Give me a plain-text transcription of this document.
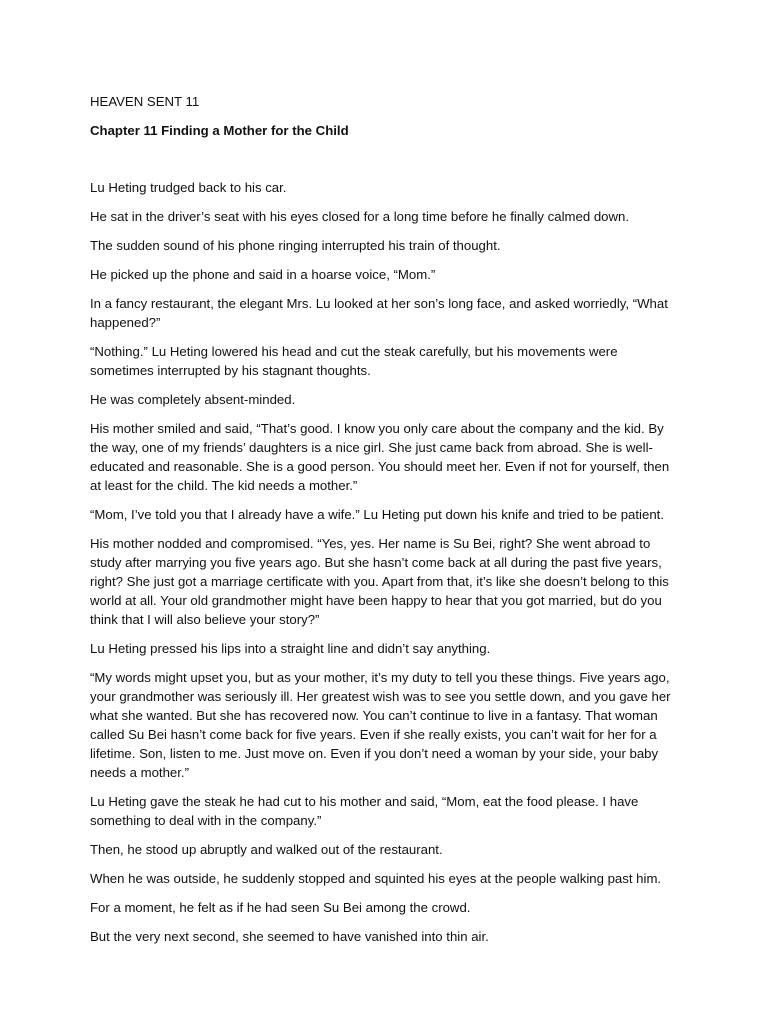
HEAVEN SENT 11

Chapter 11 Finding a Mother for the Child

Lu Heting trudged back to his car.

He sat in the driver’s seat with his eyes closed for a long time before he finally calmed down.

The sudden sound of his phone ringing interrupted his train of thought.

He picked up the phone and said in a hoarse voice, “Mom.”

In a fancy restaurant, the elegant Mrs. Lu looked at her son’s long face, and asked worriedly, “What happened?”

“Nothing.” Lu Heting lowered his head and cut the steak carefully, but his movements were sometimes interrupted by his stagnant thoughts.

He was completely absent-minded.

His mother smiled and said, “That’s good. I know you only care about the company and the kid. By the way, one of my friends’ daughters is a nice girl. She just came back from abroad. She is well-educated and reasonable. She is a good person. You should meet her. Even if not for yourself, then at least for the child. The kid needs a mother.”

“Mom, I’ve told you that I already have a wife.” Lu Heting put down his knife and tried to be patient.

His mother nodded and compromised. “Yes, yes. Her name is Su Bei, right? She went abroad to study after marrying you five years ago. But she hasn’t come back at all during the past five years, right? She just got a marriage certificate with you. Apart from that, it’s like she doesn’t belong to this world at all. Your old grandmother might have been happy to hear that you got married, but do you think that I will also believe your story?”

Lu Heting pressed his lips into a straight line and didn’t say anything.

“My words might upset you, but as your mother, it’s my duty to tell you these things. Five years ago, your grandmother was seriously ill. Her greatest wish was to see you settle down, and you gave her what she wanted. But she has recovered now. You can’t continue to live in a fantasy. That woman called Su Bei hasn’t come back for five years. Even if she really exists, you can’t wait for her for a lifetime. Son, listen to me. Just move on. Even if you don’t need a woman by your side, your baby needs a mother.”

Lu Heting gave the steak he had cut to his mother and said, “Mom, eat the food please. I have something to deal with in the company.”

Then, he stood up abruptly and walked out of the restaurant.

When he was outside, he suddenly stopped and squinted his eyes at the people walking past him.

For a moment, he felt as if he had seen Su Bei among the crowd.

But the very next second, she seemed to have vanished into thin air.
